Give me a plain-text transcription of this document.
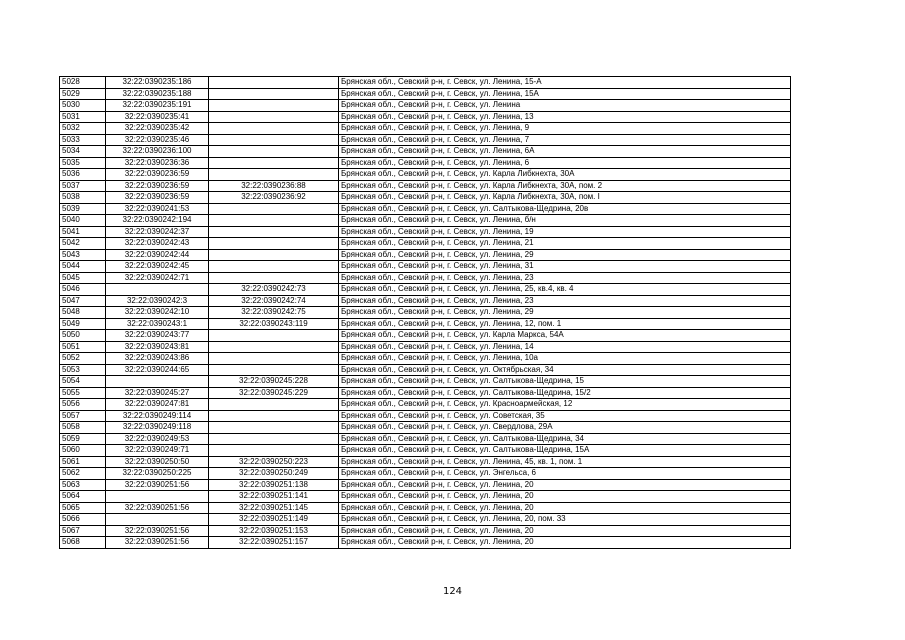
5028	32:22:0390235:186		Брянская обл., Севский р-н, г. Севск, ул. Ленина, 15-А
5029	32:22:0390235:188		Брянская обл., Севский р-н, г. Севск, ул. Ленина, 15А
5030	32:22:0390235:191		Брянская обл., Севский р-н, г. Севск, ул. Ленина
5031	32:22:0390235:41		Брянская обл., Севский р-н, г. Севск, ул. Ленина, 13
5032	32:22:0390235:42		Брянская обл., Севский р-н, г. Севск, ул. Ленина, 9
5033	32:22:0390235:46		Брянская обл., Севский р-н, г. Севск, ул. Ленина, 7
5034	32:22:0390236:100		Брянская обл., Севский р-н, г. Севск, ул. Ленина, 6А
5035	32:22:0390236:36		Брянская обл., Севский р-н, г. Севск, ул. Ленина, 6
5036	32:22:0390236:59		Брянская обл., Севский р-н, г. Севск, ул. Карла Либкнехта, 30А
5037	32:22:0390236:59	32:22:0390236:88	Брянская обл., Севский р-н, г. Севск, ул. Карла Либкнехта, 30А, пом. 2
5038	32:22:0390236:59	32:22:0390236:92	Брянская обл., Севский р-н, г. Севск, ул. Карла Либкнехта, 30А, пом. I
5039	32:22:0390241:53		Брянская обл., Севский р-н, г. Севск, ул. Салтыкова-Щедрина, 20в
5040	32:22:0390242:194		Брянская обл., Севский р-н, г. Севск, ул. Ленина, б/н
5041	32:22:0390242:37		Брянская обл., Севский р-н, г. Севск, ул. Ленина, 19
5042	32:22:0390242:43		Брянская обл., Севский р-н, г. Севск, ул. Ленина, 21
5043	32:22:0390242:44		Брянская обл., Севский р-н, г. Севск, ул. Ленина, 29
5044	32:22:0390242:45		Брянская обл., Севский р-н, г. Севск, ул. Ленина, 31
5045	32:22:0390242:71		Брянская обл., Севский р-н, г. Севск, ул. Ленина, 23
5046		32:22:0390242:73	Брянская обл., Севский р-н, г. Севск, ул. Ленина, 25, кв.4, кв. 4
5047	32:22:0390242:3	32:22:0390242:74	Брянская обл., Севский р-н, г. Севск, ул. Ленина, 23
5048	32:22:0390242:10	32:22:0390242:75	Брянская обл., Севский р-н, г. Севск, ул. Ленина, 29
5049	32:22:0390243:1	32:22:0390243:119	Брянская обл., Севский р-н, г. Севск, ул. Ленина, 12, пом. 1
5050	32:22:0390243:77		Брянская обл., Севский р-н, г. Севск, ул. Карла Маркса, 54А
5051	32:22:0390243:81		Брянская обл., Севский р-н, г. Севск, ул. Ленина, 14
5052	32:22:0390243:86		Брянская обл., Севский р-н, г. Севск, ул. Ленина, 10а
5053	32:22:0390244:65		Брянская обл., Севский р-н, г. Севск, ул. Октябрьская, 34
5054		32:22:0390245:228	Брянская обл., Севский р-н, г. Севск, ул. Салтыкова-Щедрина, 15
5055	32:22:0390245:27	32:22:0390245:229	Брянская обл., Севский р-н, г. Севск, ул. Салтыкова-Щедрина, 15/2
5056	32:22:0390247:81		Брянская обл., Севский р-н, г. Севск, ул. Красноармейская, 12
5057	32:22:0390249:114		Брянская обл., Севский р-н, г. Севск, ул. Советская, 35
5058	32:22:0390249:118		Брянская обл., Севский р-н, г. Севск, ул. Свердлова, 29А
5059	32:22:0390249:53		Брянская обл., Севский р-н, г. Севск, ул. Салтыкова-Щедрина, 34
5060	32:22:0390249:71		Брянская обл., Севский р-н, г. Севск, ул. Салтыкова-Щедрина, 15А
5061	32:22:0390250:50	32:22:0390250:223	Брянская обл., Севский р-н, г. Севск, ул. Ленина, 45, кв. 1, пом. 1
5062	32:22:0390250:225	32:22:0390250:249	Брянская обл., Севский р-н, г. Севск, ул. Энгельса, 6
5063	32:22:0390251:56	32:22:0390251:138	Брянская обл., Севский р-н, г. Севск, ул. Ленина, 20
5064		32:22:0390251:141	Брянская обл., Севский р-н, г. Севск, ул. Ленина, 20
5065	32:22:0390251:56	32:22:0390251:145	Брянская обл., Севский р-н, г. Севск, ул. Ленина, 20
5066		32:22:0390251:149	Брянская обл., Севский р-н, г. Севск, ул. Ленина, 20, пом. 33
5067	32:22:0390251:56	32:22:0390251:153	Брянская обл., Севский р-н, г. Севск, ул. Ленина, 20
5068	32:22:0390251:56	32:22:0390251:157	Брянская обл., Севский р-н, г. Севск, ул. Ленина, 20
124
